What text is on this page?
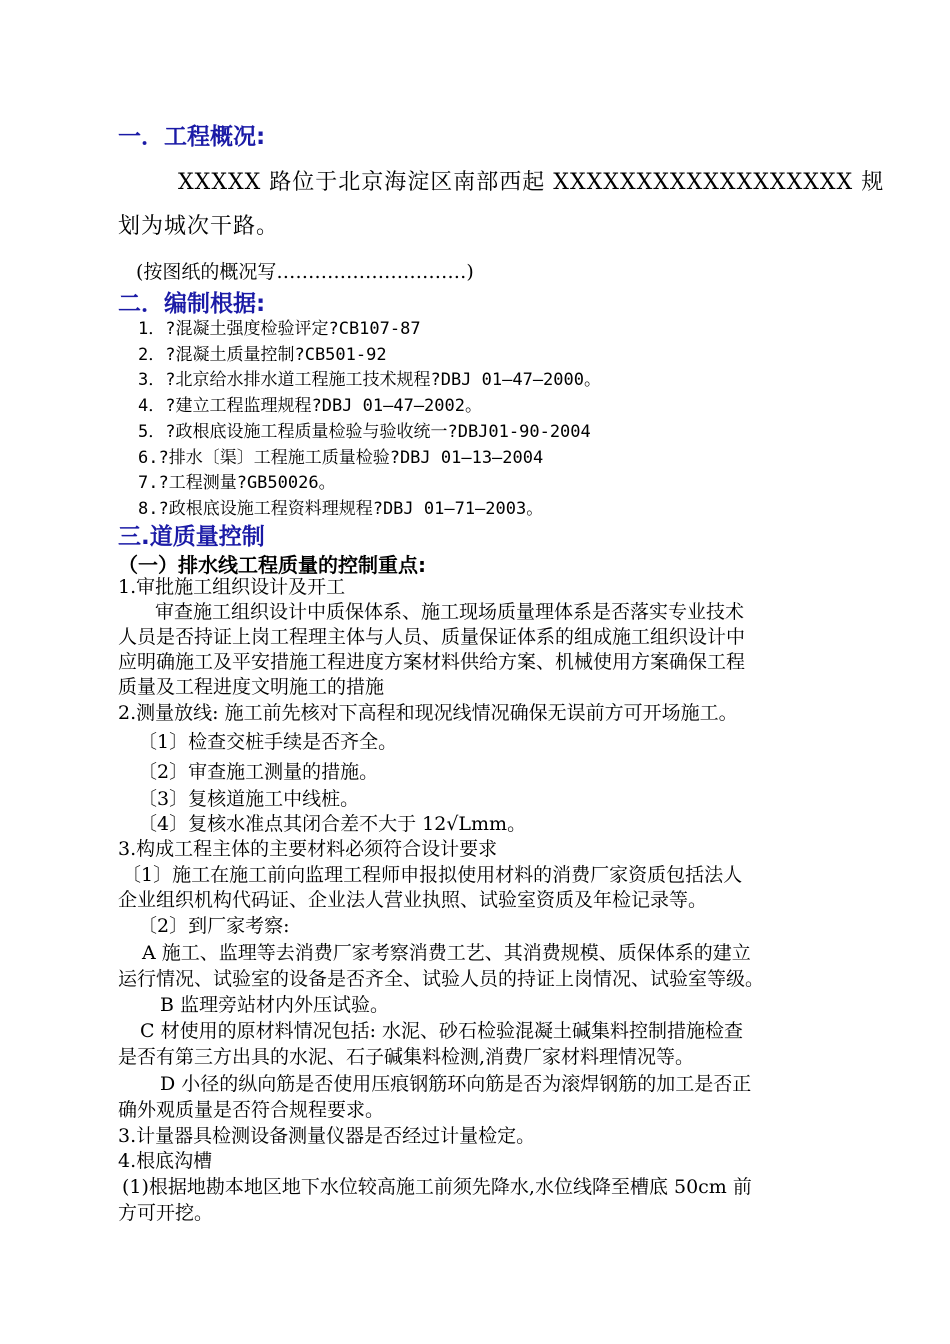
一．工程概况:
XXXXX 路位于北京海淀区南部西起 XXXXXXXXXXXXXXXXXX 规
划为城次干路。
(按图纸的概况写…………………………)
二．编制根据:
1．?混凝土强度检验评定?CB107-87
2．?混凝土质量控制?CB501-92
3．?北京给水排水道工程施工技术规程?DBJ 01—47—2000。
4．?建立工程监理规程?DBJ 01—47—2002。
5．?政根底设施工程质量检验与验收统一?DBJ01-90-2004
6.?排水〔渠〕工程施工质量检验?DBJ 01—13—2004
7.?工程测量?GB50026。
8.?政根底设施工程资料理规程?DBJ 01—71—2003。
三.道质量控制
（一）排水线工程质量的控制重点:
1.审批施工组织设计及开工
审查施工组织设计中质保体系、施工现场质量理体系是否落实专业技术
人员是否持证上岗工程理主体与人员、质量保证体系的组成施工组织设计中
应明确施工及平安措施工程进度方案材料供给方案、机械使用方案确保工程
质量及工程进度文明施工的措施
2.测量放线: 施工前先核对下高程和现况线情况确保无误前方可开场施工。
〔1〕检查交桩手续是否齐全。
〔2〕审查施工测量的措施。
〔3〕复核道施工中线桩。
〔4〕复核水准点其闭合差不大于 12√Lmm。
3.构成工程主体的主要材料必须符合设计要求
〔1〕施工在施工前向监理工程师申报拟使用材料的消费厂家资质包括法人
企业组织机构代码证、企业法人营业执照、试验室资质及年检记录等。
〔2〕到厂家考察:
A 施工、监理等去消费厂家考察消费工艺、其消费规模、质保体系的建立
运行情况、试验室的设备是否齐全、试验人员的持证上岗情况、试验室等级。
B 监理旁站材内外压试验。
C 材使用的原材料情况包括: 水泥、砂石检验混凝土碱集料控制措施检查
是否有第三方出具的水泥、石子碱集料检测,消费厂家材料理情况等。
D 小径的纵向筋是否使用压痕钢筋环向筋是否为滚焊钢筋的加工是否正
确外观质量是否符合规程要求。
3.计量器具检测设备测量仪器是否经过计量检定。
4.根底沟槽
(1)根据地勘本地区地下水位较高施工前须先降水,水位线降至槽底 50cm 前
方可开挖。
